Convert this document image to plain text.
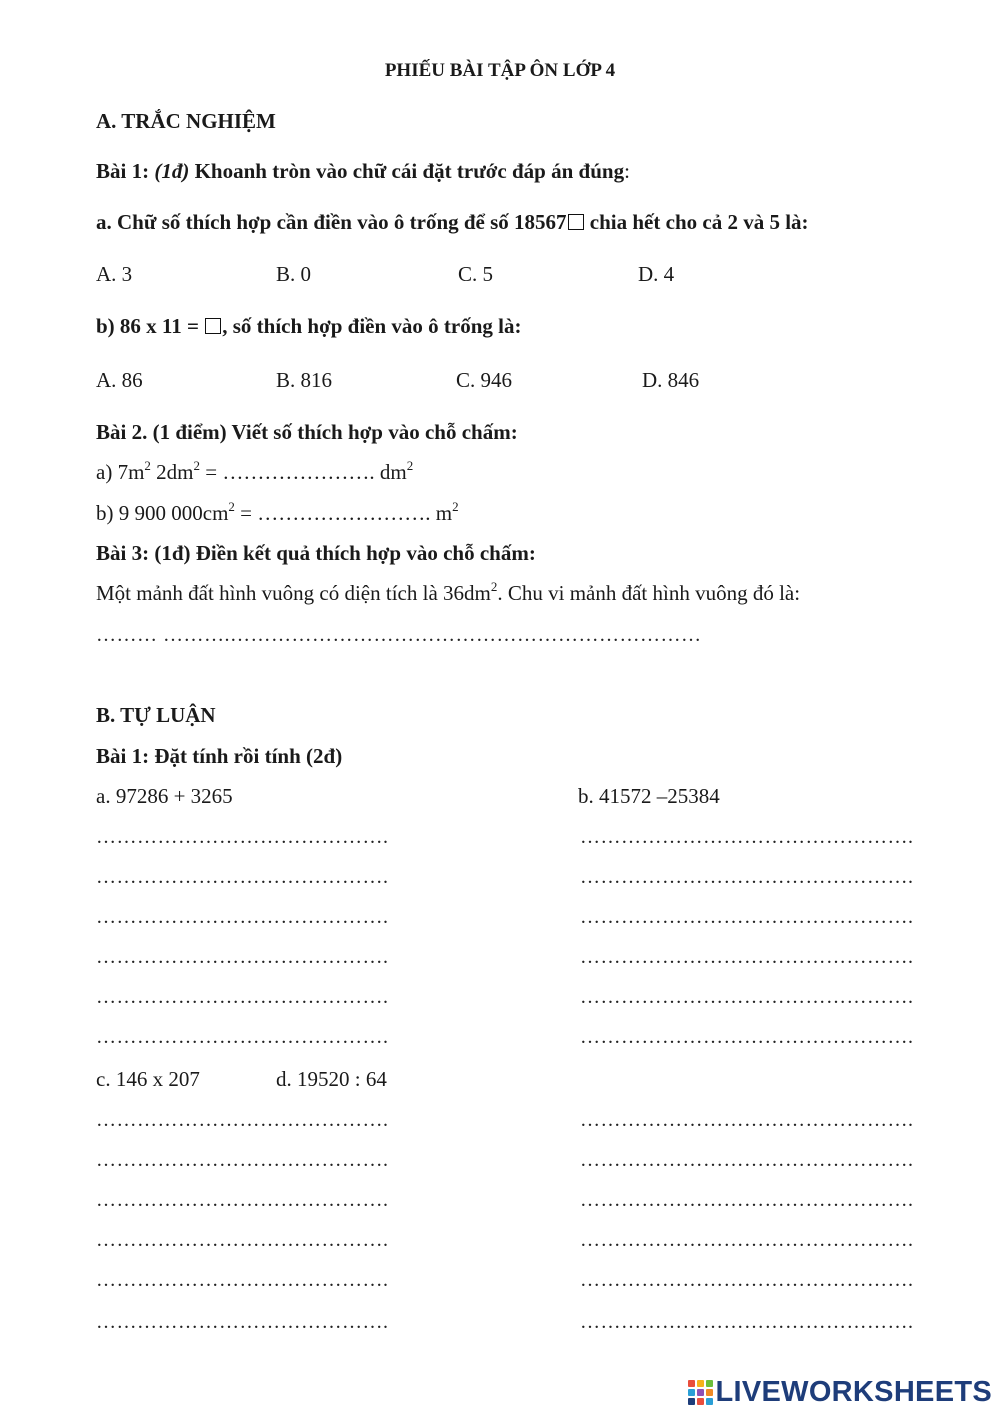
PHIẾU BÀI TẬP ÔN LỚP 4
A. TRẮC NGHIỆM
Bài 1: (1đ) Khoanh tròn vào chữ cái đặt trước đáp án đúng:
a. Chữ số thích hợp cần điền vào ô trống để số 18567 chia hết cho cả 2 và 5 là:
A. 3	B. 0	C. 5	D. 4
b) 86 x 11 = , số thích hợp điền vào ô trống là:
A. 86	B. 816	C. 946	D. 846
Bài 2. (1 điểm) Viết số thích hợp vào chỗ chấm:
a) $7m^2$ $2dm^2$ = …………………. $dm^2$
b) 9 900 $000cm^2$ = ……………………. $m^2$
Bài 3: (1đ) Điền kết quả thích hợp vào chỗ chấm:
Một mảnh đất hình vuông có diện tích là $36dm^2$. Chu vi mảnh đất hình vuông đó là:
……… ……….……………………………………………………………
B. TỰ LUẬN
Bài 1: Đặt tính rồi tính (2đ)
a. 97286 + 3265	b. 41572 –25384
…………………………………….
…………………………………….
…………………………………….
…………………………………….
…………………………………….
…………………………………….
………………………………………….
………………………………………….
………………………………………….
………………………………………….
………………………………………….
………………………………………….
c. 146 x 207	d. 19520 : 64
…………………………………….
…………………………………….
…………………………………….
…………………………………….
…………………………………….
…………………………………….
………………………………………….
………………………………………….
………………………………………….
………………………………………….
………………………………………….
………………………………………….
LIVEWORKSHEETS
